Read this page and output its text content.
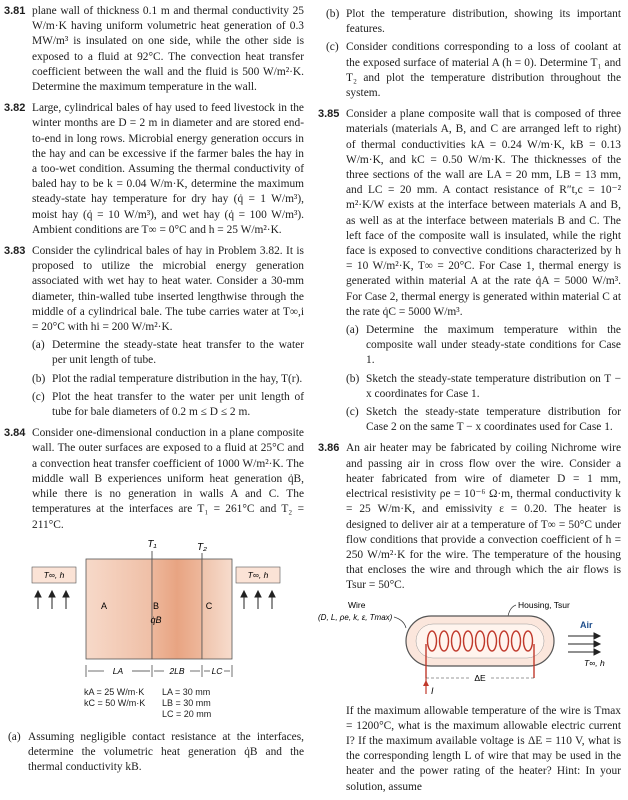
3.81 plane wall of thickness 0.1 m and thermal conductivity 25 W/m·K having uniform volumetric heat generation of 0.3 MW/m³ is insulated on one side, while the other side is exposed to a fluid at 92°C. The convection heat transfer coefficient between the wall and the fluid is 500 W/m²·K. Determine the maximum temperature in the wall.
3.82 Large, cylindrical bales of hay used to feed livestock in the winter months are D = 2 m in diameter and are stored end-to-end in long rows. Microbial energy generation occurs in the hay and can be excessive if the farmer bales the hay in a too-wet condition. Assuming the thermal conductivity of baled hay to be k = 0.04 W/m·K, determine the maximum steady-state hay temperature for dry hay (q̇ = 1 W/m³), moist hay (q̇ = 10 W/m³), and wet hay (q̇ = 100 W/m³). Ambient conditions are T∞ = 0°C and h = 25 W/m²·K.
3.83 Consider the cylindrical bales of hay in Problem 3.82. It is proposed to utilize the microbial energy generation associated with wet hay to heat water. Consider a 30-mm diameter, thin-walled tube inserted lengthwise through the middle of a cylindrical bale. The tube carries water at T∞,i = 20°C with hi = 200 W/m²·K.
(a) Determine the steady-state heat transfer to the water per unit length of tube.
(b) Plot the radial temperature distribution in the hay, T(r).
(c) Plot the heat transfer to the water per unit length of tube for bale diameters of 0.2 m ≤ D ≤ 2 m.
3.84 Consider one-dimensional conduction in a plane composite wall. The outer surfaces are exposed to a fluid at 25°C and a convection heat transfer coefficient of 1000 W/m²·K. The middle wall B experiences uniform heat generation q̇B, while there is no generation in walls A and C. The temperatures at the interfaces are T₁ = 261°C and T₂ = 211°C.
T₁	T₂
A	B
q̇B
C
T∞, h	T∞, h
LA	2LB	LC
kA = 25 W/m·K
kC = 50 W/m·K
LA = 30 mm
LB = 30 mm
LC = 20 mm
(a) Assuming negligible contact resistance at the interfaces, determine the volumetric heat generation q̇B and the thermal conductivity kB.
(b) Plot the temperature distribution, showing its important features.
(c) Consider conditions corresponding to a loss of coolant at the exposed surface of material A (h = 0). Determine T₁ and T₂ and plot the temperature distribution throughout the system.
3.85 Consider a plane composite wall that is composed of three materials (materials A, B, and C are arranged left to right) of thermal conductivities kA = 0.24 W/m·K, kB = 0.13 W/m·K, and kC = 0.50 W/m·K. The thicknesses of the three sections of the wall are LA = 20 mm, LB = 13 mm, and LC = 20 mm. A contact resistance of R″t,c = 10⁻² m²·K/W exists at the interface between materials A and B, as well as at the interface between materials B and C. The left face of the composite wall is insulated, while the right face is exposed to convective conditions characterized by h = 10 W/m²·K, T∞ = 20°C. For Case 1, thermal energy is generated within material A at the rate q̇A = 5000 W/m³. For Case 2, thermal energy is generated within material C at the rate q̇C = 5000 W/m³.
(a) Determine the maximum temperature within the composite wall under steady-state conditions for Case 1.
(b) Sketch the steady-state temperature distribution on T − x coordinates for Case 1.
(c) Sketch the steady-state temperature distribution for Case 2 on the same T − x coordinates used for Case 1.
3.86 An air heater may be fabricated by coiling Nichrome wire and passing air in cross flow over the wire. Consider a heater fabricated from wire of diameter D = 1 mm, electrical resistivity ρe = 10⁻⁶ Ω·m, thermal conductivity k = 25 W/m·K, and emissivity ε = 0.20. The heater is designed to deliver air at a temperature of T∞ = 50°C under flow conditions that provide a convection coefficient of h = 250 W/m²·K for the wire. The temperature of the housing that encloses the wire and through which the air flows is Tsur = 50°C.
Wire
(D, L, ρe, k, ε, Tmax)
Housing, Tsur
ΔE
I
Air
T∞, h
If the maximum allowable temperature of the wire is Tmax = 1200°C, what is the maximum allowable electric current I? If the maximum available voltage is ΔE = 110 V, what is the corresponding length L of wire that may be used in the heater and the power rating of the heater? Hint: In your solution, assume
